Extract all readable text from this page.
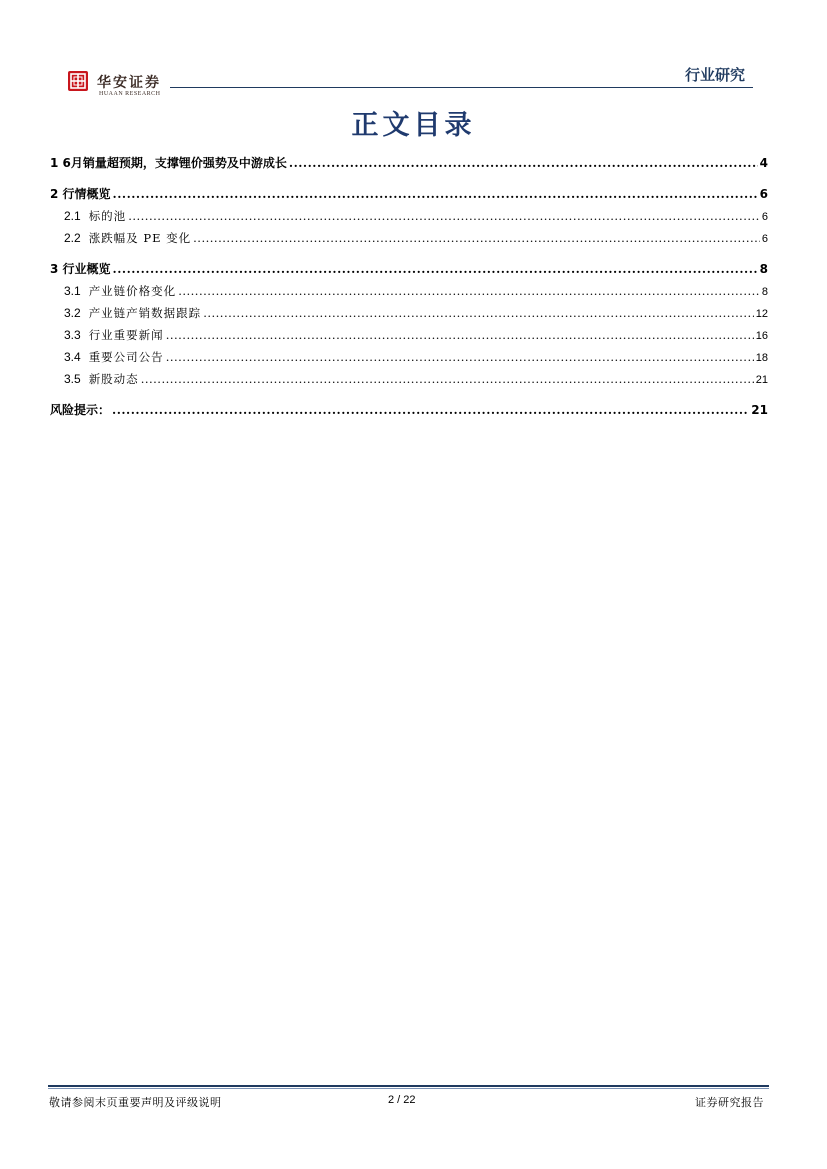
华安证券
HUAAN RESEARCH
行业研究
正文目录
1 6月销量超预期，支撑锂价强势及中游成长 .....	4
2 行情概览 .....	6
2.1 标的池 .....	6
2.2 涨跌幅及 PE 变化 .....	6
3 行业概览 .....	8
3.1 产业链价格变化 .....	8
3.2 产业链产销数据跟踪 .....	12
3.3 行业重要新闻 .....	16
3.4 重要公司公告 .....	18
3.5 新股动态 .....	21
风险提示： .....	21
敬请参阅末页重要声明及评级说明	2 / 22	证券研究报告
